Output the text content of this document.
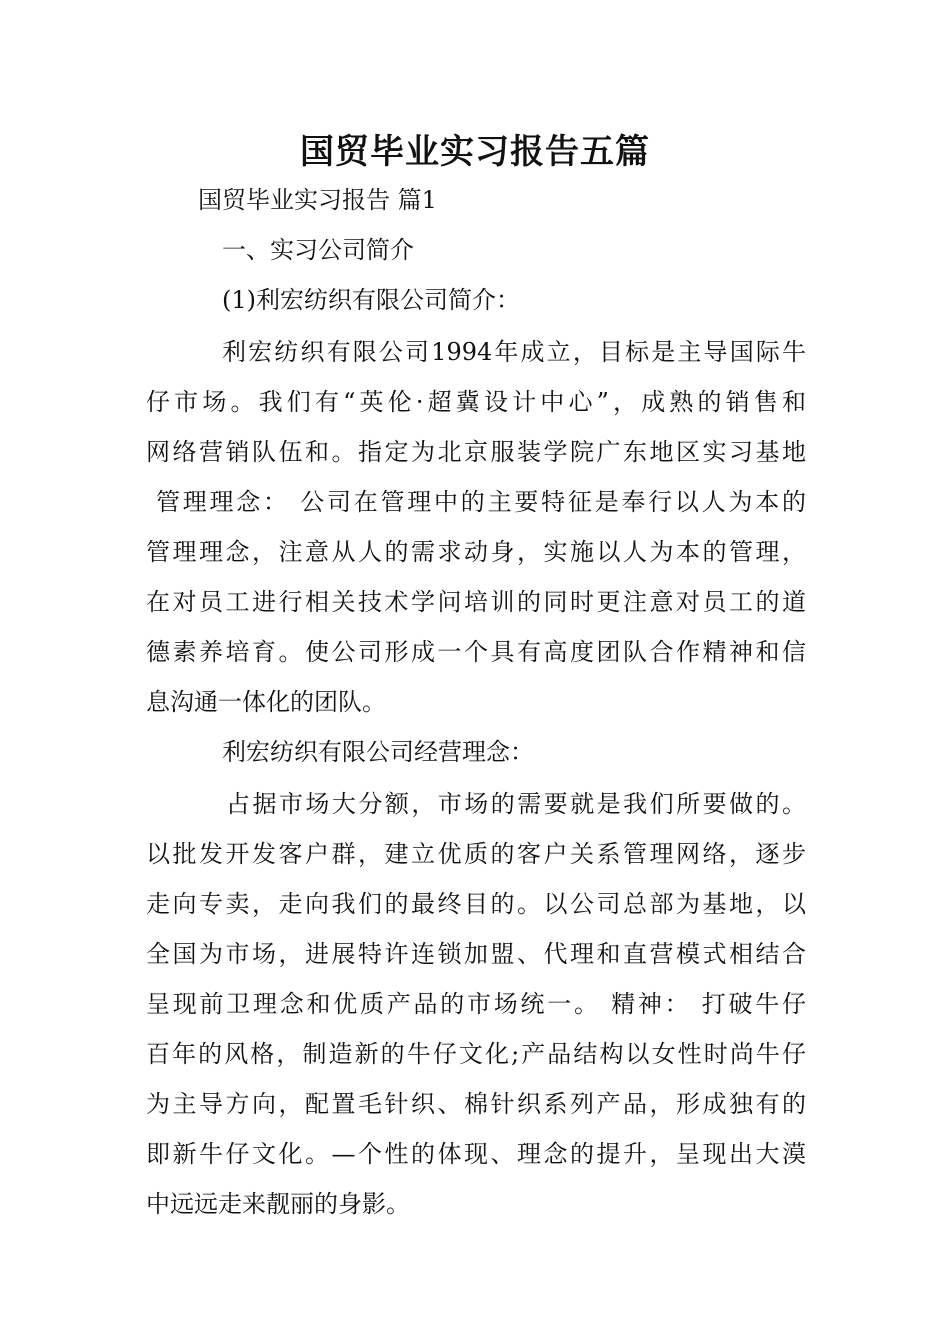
国贸毕业实习报告五篇
国贸毕业实习报告 篇1
一、实习公司简介
(1)利宏纺织有限公司简介：
利宏纺织有限公司1994年成立，目标是主导国际牛
仔市场。我们有“英伦·超冀设计中心”，成熟的销售和
网络营销队伍和。指定为北京服装学院广东地区实习基地
管理理念： 公司在管理中的主要特征是奉行以人为本的
管理理念，注意从人的需求动身，实施以人为本的管理，
在对员工进行相关技术学问培训的同时更注意对员工的道
德素养培育。使公司形成一个具有高度团队合作精神和信
息沟通一体化的团队。
利宏纺织有限公司经营理念：
占据市场大分额，市场的需要就是我们所要做的。
以批发开发客户群，建立优质的客户关系管理网络，逐步
走向专卖，走向我们的最终目的。以公司总部为基地，以
全国为市场，进展特许连锁加盟、代理和直营模式相结合
呈现前卫理念和优质产品的市场统一。 精神： 打破牛仔
百年的风格，制造新的牛仔文化;产品结构以女性时尚牛仔
为主导方向，配置毛针织、棉针织系列产品，形成独有的
即新牛仔文化。—个性的体现、理念的提升，呈现出大漠
中远远走来靓丽的身影。
